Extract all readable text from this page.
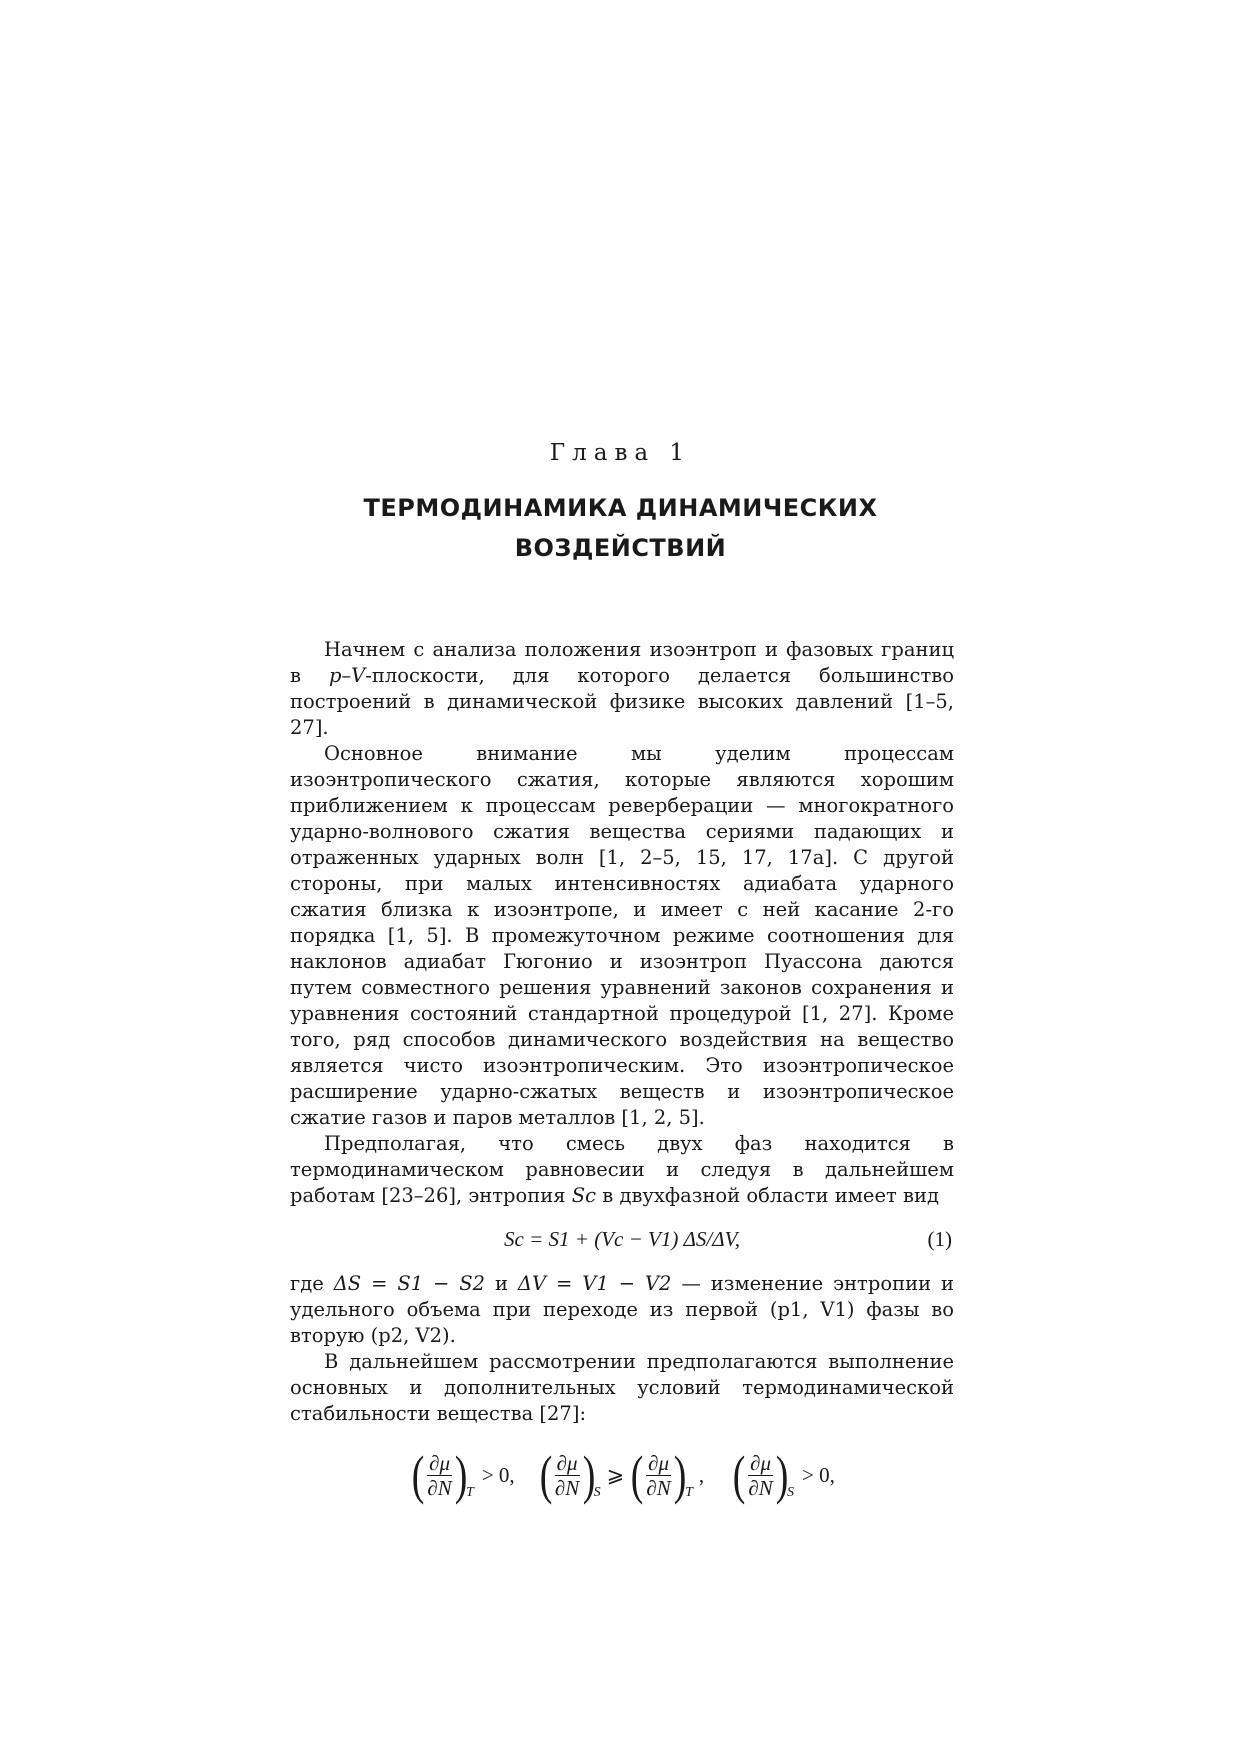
Глава 1
ТЕРМОДИНАМИКА ДИНАМИЧЕСКИХ
ВОЗДЕЙСТВИЙ

Начнем с анализа положения изоэнтроп и фазовых границ в p–V-плоскости, для которого делается большинство построений в динамической физике высоких давлений [1–5, 27].

Основное внимание мы уделим процессам изоэнтропического сжатия, которые являются хорошим приближением к процессам реверберации — многократного ударно-волнового сжатия вещества сериями падающих и отраженных ударных волн [1, 2–5, 15, 17, 17a]. С другой стороны, при малых интенсивностях адиабата ударного сжатия близка к изоэнтропе, и имеет с ней касание 2-го порядка [1, 5]. В промежуточном режиме соотношения для наклонов адиабат Гюгонио и изоэнтроп Пуассона даются путем совместного решения уравнений законов сохранения и уравнения состояний стандартной процедурой [1, 27]. Кроме того, ряд способов динамического воздействия на вещество является чисто изоэнтропическим. Это изоэнтропическое расширение ударно-сжатых веществ и изоэнтропическое сжатие газов и паров металлов [1, 2, 5].

Предполагая, что смесь двух фаз находится в термодинамическом равновесии и следуя в дальнейшем работам [23–26], энтропия Sc в двухфазной области имеет вид

Sc = S1 + (Vc − V1) ΔS/ΔV,	(1)

где ΔS = S1 − S2 и ΔV = V1 − V2 — изменение энтропии и удельного объема при переходе из первой (p1, V1) фазы во вторую (p2, V2).

В дальнейшем рассмотрении предполагаются выполнение основных и дополнительных условий термодинамической стабильности вещества [27]:

( $\frac{\partial\mu}{\partial N}$ )
T
> 0, ( $\frac{\partial\mu}{\partial N}$ )
S
⩾ ( $\frac{\partial\mu}{\partial N}$ )
T
, ( $\frac{\partial\mu}{\partial N}$ )
S
> 0,
